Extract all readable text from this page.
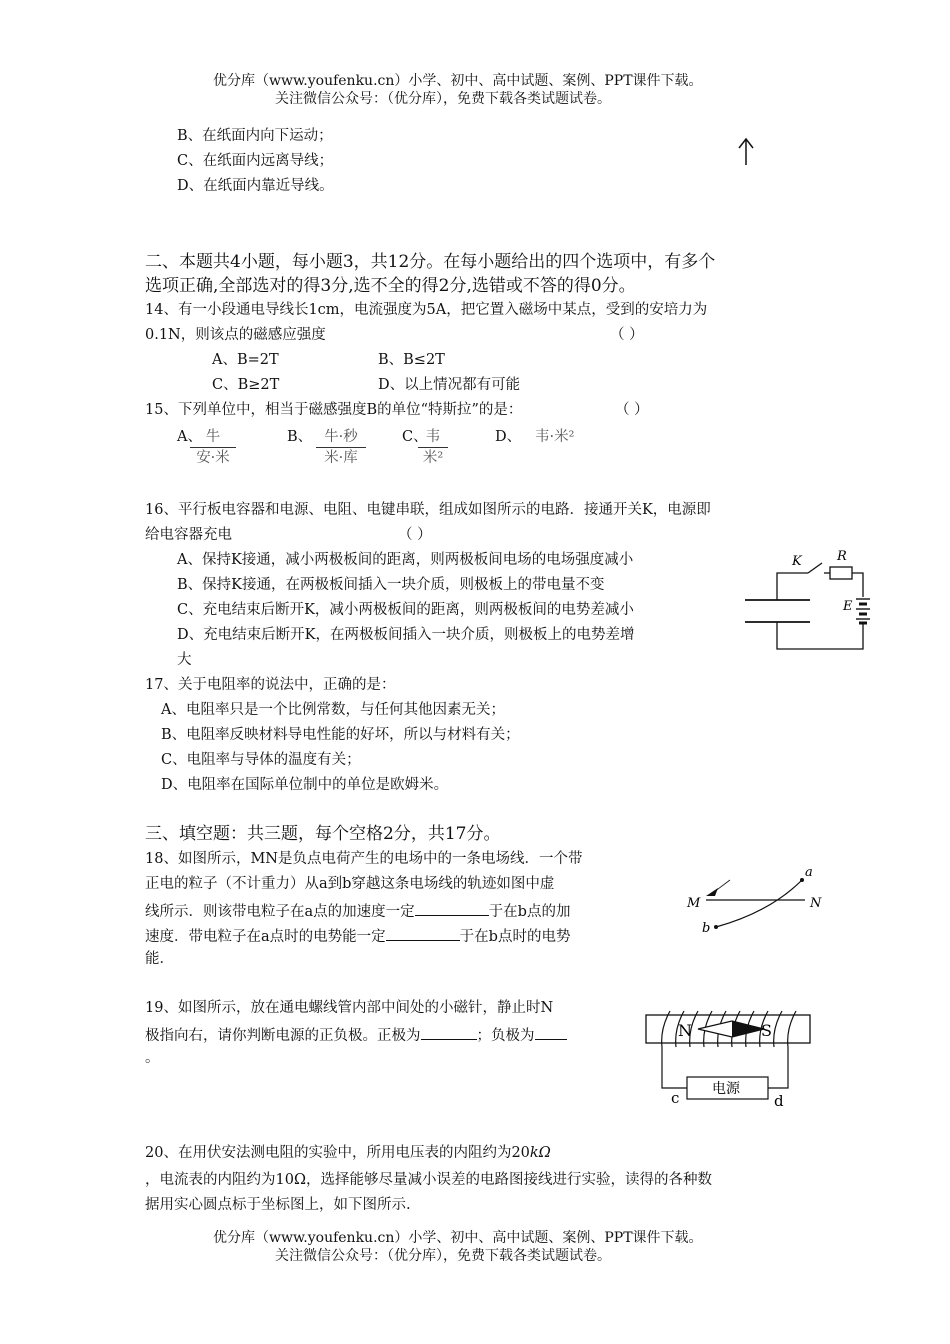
优分库（www.youfenku.cn）小学、初中、高中试题、案例、PPT课件下载。
关注微信公众号：（优分库），免费下载各类试题试卷。
B、在纸面内向下运动；
C、在纸面内远离导线；
D、在纸面内靠近导线。
二、本题共4小题，每小题3，共12分。在每小题给出的四个选项中，有多个
选项正确,全部选对的得3分,选不全的得2分,选错或不答的得0分。
14、有一小段通电导线长1cm，电流强度为5A，把它置入磁场中某点，受到的安培力为
0.1N，则该点的磁感应强度	（ ）
A、B=2T	B、B≤2T
C、B≥2T	D、以上情况都有可能
15、下列单位中，相当于磁感强度B的单位“特斯拉”的是：	（ ）
A、 牛
安·米
B、 牛·秒
米·库
C、
韦
米²
D、 韦·米²
16、平行板电容器和电源、电阻、电键串联，组成如图所示的电路．接通开关K，电源即
给电容器充电	（ ）
A、保持K接通，减小两极板间的距离，则两极板间电场的电场强度减小
B、保持K接通，在两极板间插入一块介质，则极板上的带电量不变
C、充电结束后断开K，减小两极板间的距离，则两极板间的电势差减小
D、充电结束后断开K，在两极板间插入一块介质，则极板上的电势差增
大
K	R
E
17、关于电阻率的说法中，正确的是：
A、电阻率只是一个比例常数，与任何其他因素无关；
B、电阻率反映材料导电性能的好坏，所以与材料有关；
C、电阻率与导体的温度有关；
D、电阻率在国际单位制中的单位是欧姆米。
三、填空题：共三题，每个空格2分，共17分。
18、如图所示，MN是负点电荷产生的电场中的一条电场线．一个带
正电的粒子（不计重力）从a到b穿越这条电场线的轨迹如图中虚
线所示．则该带电粒子在a点的加速度一定	于在b点的加
速度．带电粒子在a点时的电势能一定	于在b点时的电势
能．
a
M	N
b
19、如图所示，放在通电螺线管内部中间处的小磁针，静止时N
极指向右，请你判断电源的正负极。正极为	；负极为
。
N	S
电源
c	d
20、在用伏安法测电阻的实验中，所用电压表的内阻约为20kΩ
，电流表的内阻约为10Ω，选择能够尽量减小误差的电路图接线进行实验，读得的各种数
据用实心圆点标于坐标图上，如下图所示.
优分库（www.youfenku.cn）小学、初中、高中试题、案例、PPT课件下载。
关注微信公众号：（优分库），免费下载各类试题试卷。
